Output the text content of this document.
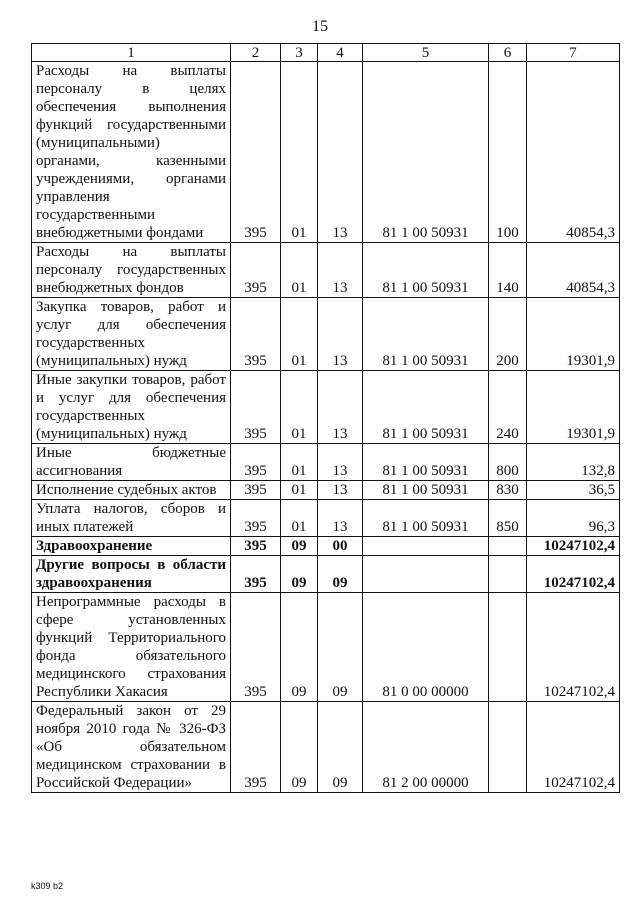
15
1	2	3	4	5	6	7
Расходы на выплаты персоналу в целях обеспечения выполнения функций государственными (муниципальными) органами, казенными учреждениями, органами управления государственными внебюджетными фондами	395	01	13	81 1 00 50931	100	40854,3
Расходы на выплаты персоналу государственных внебюджетных фондов	395	01	13	81 1 00 50931	140	40854,3
Закупка товаров, работ и услуг для обеспечения государственных (муниципальных) нужд	395	01	13	81 1 00 50931	200	19301,9
Иные закупки товаров, работ и услуг для обеспечения государственных (муниципальных) нужд	395	01	13	81 1 00 50931	240	19301,9
Иные бюджетные ассигнования	395	01	13	81 1 00 50931	800	132,8
Исполнение судебных актов	395	01	13	81 1 00 50931	830	36,5
Уплата налогов, сборов и иных платежей	395	01	13	81 1 00 50931	850	96,3
Здравоохранение	395	09	00			10247102,4
Другие вопросы в области здравоохранения	395	09	09			10247102,4
Непрограммные расходы в сфере установленных функций Территориального фонда обязательного медицинского страхования Республики Хакасия	395	09	09	81 0 00 00000		10247102,4
Федеральный закон от 29 ноября 2010 года № 326-ФЗ «Об обязательном медицинском страховании в Российской Федерации»	395	09	09	81 2 00 00000		10247102,4
k309 b2
